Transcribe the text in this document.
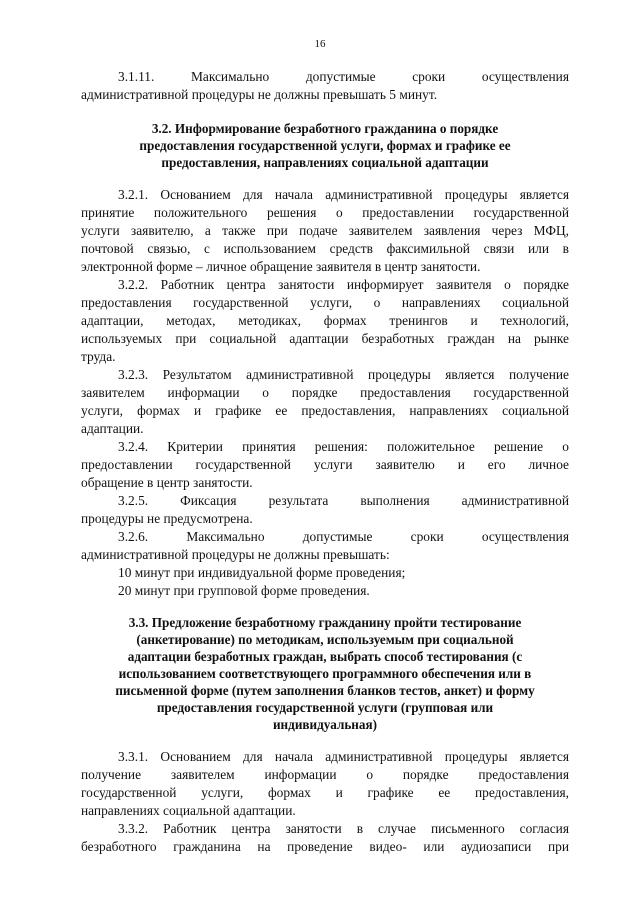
16
3.1.11. Максимально допустимые сроки осуществления
административной процедуры не должны превышать 5 минут.
3.2. Информирование безработного гражданина о порядке
предоставления государственной услуги, формах и графике ее
предоставления, направлениях социальной адаптации
3.2.1. Основанием для начала административной процедуры является
принятие положительного решения о предоставлении государственной
услуги заявителю, а также при подаче заявителем заявления через МФЦ,
почтовой связью, с использованием средств факсимильной связи или в
электронной форме – личное обращение заявителя в центр занятости.
3.2.2. Работник центра занятости информирует заявителя о порядке
предоставления государственной услуги, о направлениях социальной
адаптации, методах, методиках, формах тренингов и технологий,
используемых при социальной адаптации безработных граждан на рынке
труда.
3.2.3. Результатом административной процедуры является получение
заявителем информации о порядке предоставления государственной
услуги, формах и графике ее предоставления, направлениях социальной
адаптации.
3.2.4. Критерии принятия решения: положительное решение о
предоставлении государственной услуги заявителю и его личное
обращение в центр занятости.
3.2.5. Фиксация результата выполнения административной
процедуры не предусмотрена.
3.2.6. Максимально допустимые сроки осуществления
административной процедуры не должны превышать:
10 минут при индивидуальной форме проведения;
20 минут при групповой форме проведения.
3.3. Предложение безработному гражданину пройти тестирование
(анкетирование) по методикам, используемым при социальной
адаптации безработных граждан, выбрать способ тестирования (с
использованием соответствующего программного обеспечения или в
письменной форме (путем заполнения бланков тестов, анкет) и форму
предоставления государственной услуги (групповая или
индивидуальная)
3.3.1. Основанием для начала административной процедуры является
получение заявителем информации о порядке предоставления
государственной услуги, формах и графике ее предоставления,
направлениях социальной адаптации.
3.3.2. Работник центра занятости в случае письменного согласия
безработного гражданина на проведение видео- или аудиозаписи при
